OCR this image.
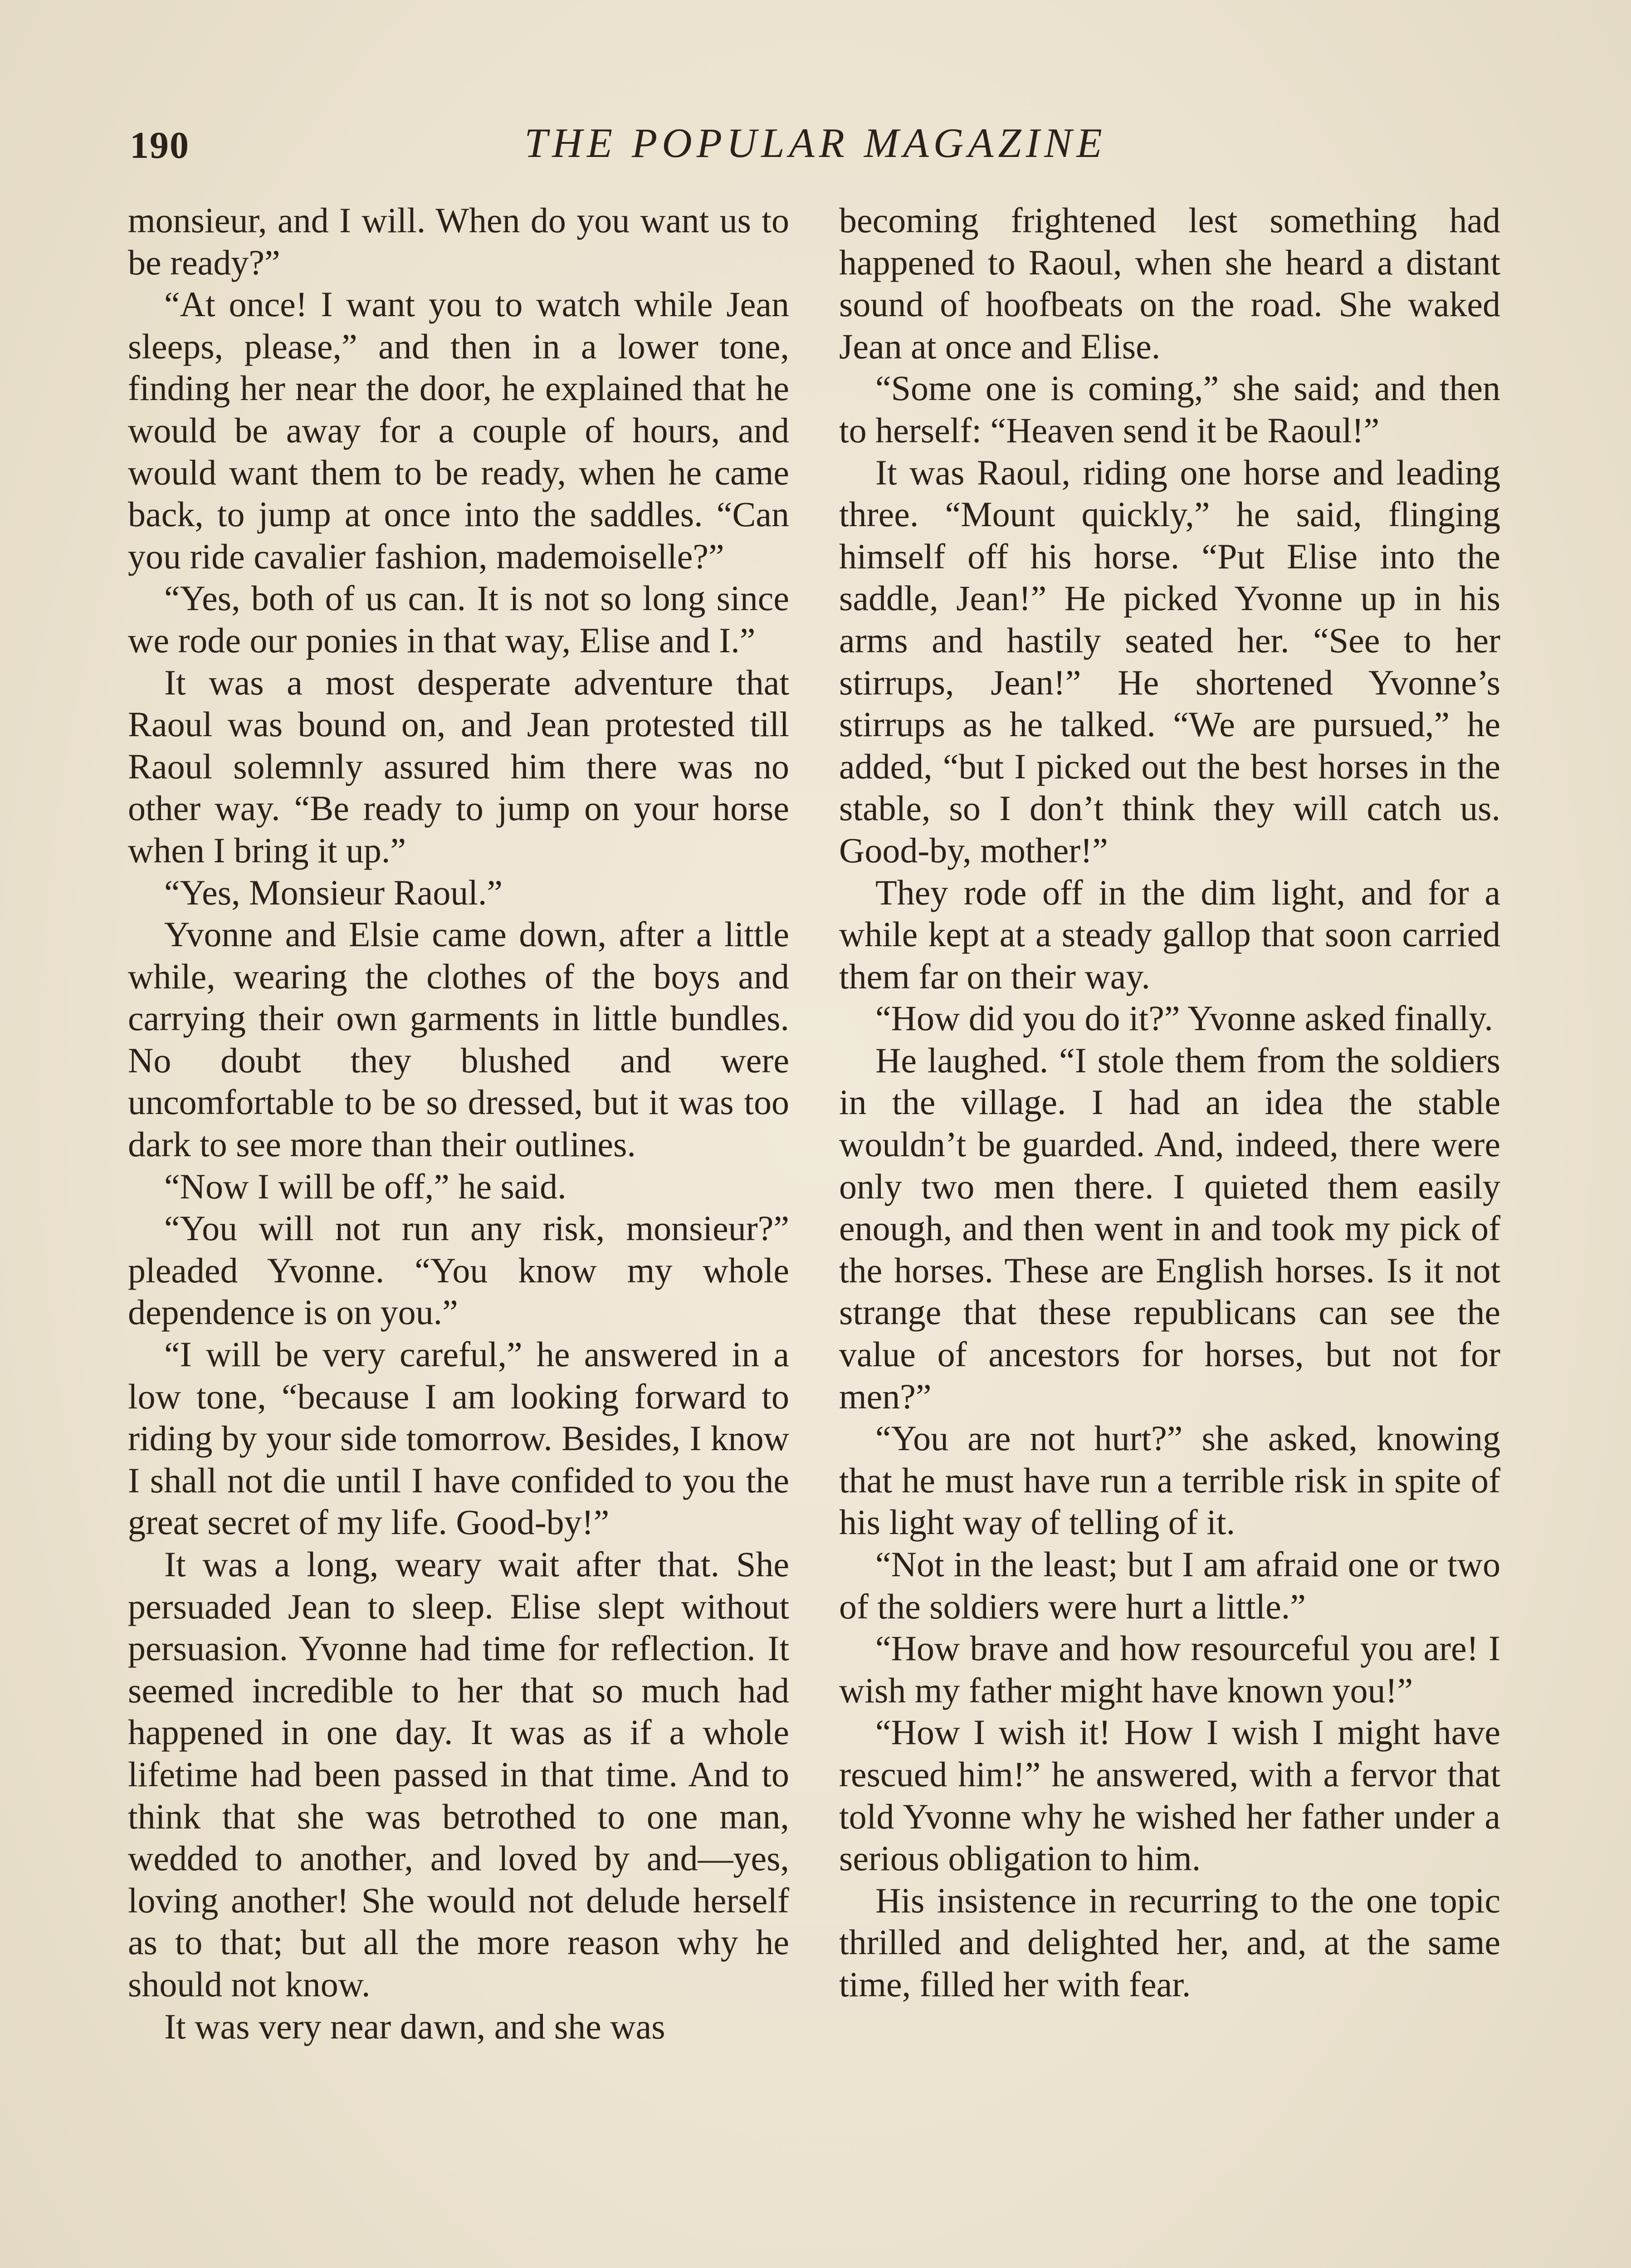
190	THE POPULAR MAGAZINE

monsieur, and I will. When do you want us to be ready?”

“At once! I want you to watch while Jean sleeps, please,” and then in a lower tone, finding her near the door, he explained that he would be away for a couple of hours, and would want them to be ready, when he came back, to jump at once into the saddles. “Can you ride cavalier fashion, mademoiselle?”

“Yes, both of us can. It is not so long since we rode our ponies in that way, Elise and I.”

It was a most desperate adventure that Raoul was bound on, and Jean protested till Raoul solemnly assured him there was no other way. “Be ready to jump on your horse when I bring it up.”

“Yes, Monsieur Raoul.”

Yvonne and Elsie came down, after a little while, wearing the clothes of the boys and carrying their own garments in little bundles. No doubt they blushed and were uncomfortable to be so dressed, but it was too dark to see more than their outlines.

“Now I will be off,” he said.

“You will not run any risk, monsieur?” pleaded Yvonne. “You know my whole dependence is on you.”

“I will be very careful,” he answered in a low tone, “because I am looking forward to riding by your side tomorrow. Besides, I know I shall not die until I have confided to you the great secret of my life. Good-by!”

It was a long, weary wait after that. She persuaded Jean to sleep. Elise slept without persuasion. Yvonne had time for reflection. It seemed incredible to her that so much had happened in one day. It was as if a whole lifetime had been passed in that time. And to think that she was betrothed to one man, wedded to another, and loved by and—yes, loving another! She would not delude herself as to that; but all the more reason why he should not know.

It was very near dawn, and she was

becoming frightened lest something had happened to Raoul, when she heard a distant sound of hoofbeats on the road. She waked Jean at once and Elise.

“Some one is coming,” she said; and then to herself: “Heaven send it be Raoul!”

It was Raoul, riding one horse and leading three. “Mount quickly,” he said, flinging himself off his horse. “Put Elise into the saddle, Jean!” He picked Yvonne up in his arms and hastily seated her. “See to her stirrups, Jean!” He shortened Yvonne’s stirrups as he talked. “We are pursued,” he added, “but I picked out the best horses in the stable, so I don’t think they will catch us. Good-by, mother!”

They rode off in the dim light, and for a while kept at a steady gallop that soon carried them far on their way.

“How did you do it?” Yvonne asked finally.

He laughed. “I stole them from the soldiers in the village. I had an idea the stable wouldn’t be guarded. And, indeed, there were only two men there. I quieted them easily enough, and then went in and took my pick of the horses. These are English horses. Is it not strange that these republicans can see the value of ancestors for horses, but not for men?”

“You are not hurt?” she asked, knowing that he must have run a terrible risk in spite of his light way of telling of it.

“Not in the least; but I am afraid one or two of the soldiers were hurt a little.”

“How brave and how resourceful you are! I wish my father might have known you!”

“How I wish it! How I wish I might have rescued him!” he answered, with a fervor that told Yvonne why he wished her father under a serious obligation to him.

His insistence in recurring to the one topic thrilled and delighted her, and, at the same time, filled her with fear.
